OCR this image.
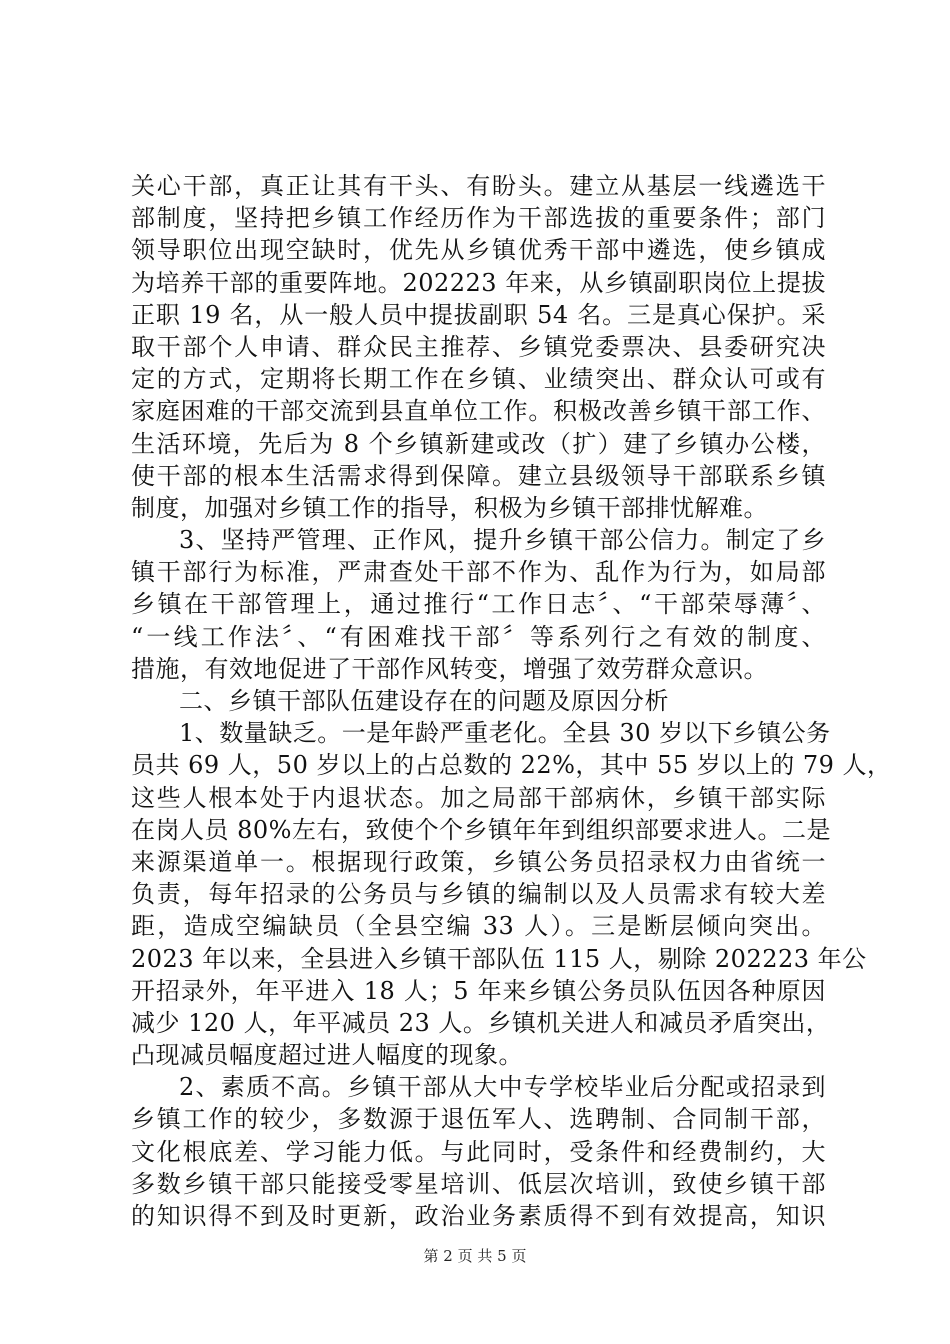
关心干部，真正让其有干头、有盼头。建立从基层一线遴选干
部制度，坚持把乡镇工作经历作为干部选拔的重要条件；部门
领导职位出现空缺时，优先从乡镇优秀干部中遴选，使乡镇成
为培养干部的重要阵地。202223 年来，从乡镇副职岗位上提拔
正职 19 名，从一般人员中提拔副职 54 名。三是真心保护。采
取干部个人申请、群众民主推荐、乡镇党委票决、县委研究决
定的方式，定期将长期工作在乡镇、业绩突出、群众认可或有
家庭困难的干部交流到县直单位工作。积极改善乡镇干部工作、
生活环境，先后为 8 个乡镇新建或改（扩）建了乡镇办公楼，
使干部的根本生活需求得到保障。建立县级领导干部联系乡镇
制度，加强对乡镇工作的指导，积极为乡镇干部排忧解难。
3、坚持严管理、正作风，提升乡镇干部公信力。制定了乡
镇干部行为标准，严肃查处干部不作为、乱作为行为，如局部
乡镇在干部管理上，通过推行“工作日志〞、“干部荣辱薄〞、
“一线工作法〞、“有困难找干部〞等系列行之有效的制度、
措施，有效地促进了干部作风转变，增强了效劳群众意识。
二、乡镇干部队伍建设存在的问题及原因分析
1、数量缺乏。一是年龄严重老化。全县 30 岁以下乡镇公务
员共 69 人，50 岁以上的占总数的 22%，其中 55 岁以上的 79 人，
这些人根本处于内退状态。加之局部干部病休，乡镇干部实际
在岗人员 80%左右，致使个个乡镇年年到组织部要求进人。二是
来源渠道单一。根据现行政策，乡镇公务员招录权力由省统一
负责，每年招录的公务员与乡镇的编制以及人员需求有较大差
距，造成空编缺员（全县空编 33 人）。三是断层倾向突出。
2023 年以来，全县进入乡镇干部队伍 115 人，剔除 202223 年公
开招录外，年平进入 18 人；5 年来乡镇公务员队伍因各种原因
减少 120 人，年平减员 23 人。乡镇机关进人和减员矛盾突出，
凸现减员幅度超过进人幅度的现象。
2、素质不高。乡镇干部从大中专学校毕业后分配或招录到
乡镇工作的较少，多数源于退伍军人、选聘制、合同制干部，
文化根底差、学习能力低。与此同时，受条件和经费制约，大
多数乡镇干部只能接受零星培训、低层次培训，致使乡镇干部
的知识得不到及时更新，政治业务素质得不到有效提高，知识
第 2 页 共 5 页
